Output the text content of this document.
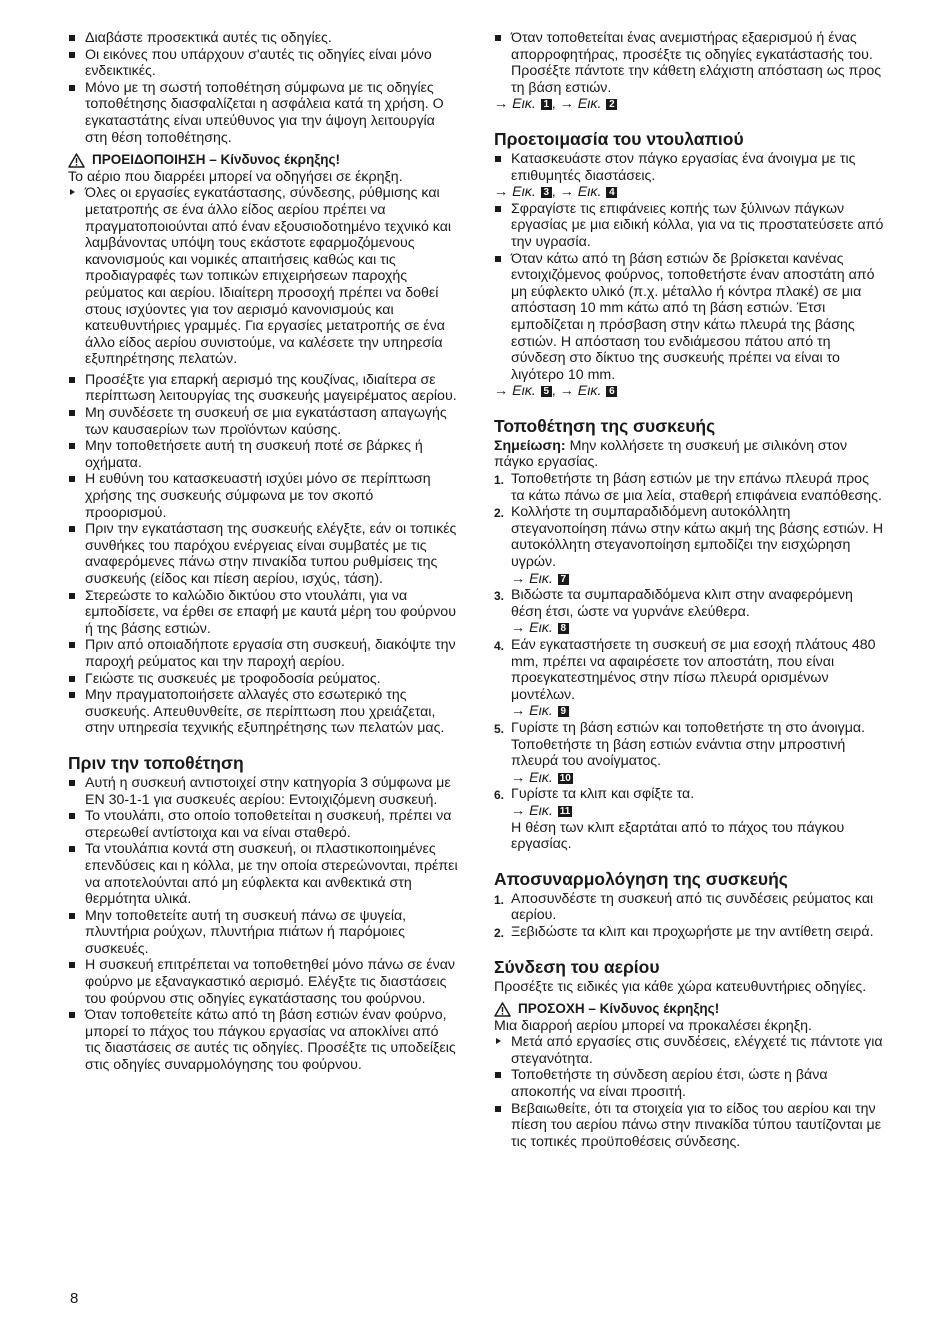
Διαβάστε προσεκτικά αυτές τις οδηγίες.

Οι εικόνες που υπάρχουν σ'αυτές τις οδηγίες είναι μόνο ενδεικτικές.

Μόνο με τη σωστή τοποθέτηση σύμφωνα με τις οδηγίες τοποθέτησης διασφαλίζεται η ασφάλεια κατά τη χρήση. Ο εγκαταστάτης είναι υπεύθυνος για την άψογη λειτουργία στη θέση τοποθέτησης.

ΠΡΟΕΙΔΟΠΟΙΗΣΗ – Κίνδυνος έκρηξης!

Το αέριο που διαρρέει μπορεί να οδηγήσει σε έκρηξη.

Όλες οι εργασίες εγκατάστασης, σύνδεσης, ρύθμισης και μετατροπής σε ένα άλλο είδος αερίου πρέπει να πραγματοποιούνται από έναν εξουσιοδοτημένο τεχνικό και λαμβάνοντας υπόψη τους εκάστοτε εφαρμοζόμενους κανονισμούς και νομικές απαιτήσεις καθώς και τις προδιαγραφές των τοπικών επιχειρήσεων παροχής ρεύματος και αερίου. Ιδιαίτερη προσοχή πρέπει να δοθεί στους ισχύοντες για τον αερισμό κανονισμούς και κατευθυντήριες γραμμές. Για εργασίες μετατροπής σε ένα άλλο είδος αερίου συνιστούμε, να καλέσετε την υπηρεσία εξυπηρέτησης πελατών.

Προσέξτε για επαρκή αερισμό της κουζίνας, ιδιαίτερα σε περίπτωση λειτουργίας της συσκευής μαγειρέματος αερίου.

Μη συνδέσετε τη συσκευή σε μια εγκατάσταση απαγωγής των καυσαερίων των προϊόντων καύσης.

Μην τοποθετήσετε αυτή τη συσκευή ποτέ σε βάρκες ή οχήματα.

Η ευθύνη του κατασκευαστή ισχύει μόνο σε περίπτωση χρήσης της συσκευής σύμφωνα με τον σκοπό προορισμού.

Πριν την εγκατάσταση της συσκευής ελέγξτε, εάν οι τοπικές συνθήκες του παρόχου ενέργειας είναι συμβατές με τις αναφερόμενες πάνω στην πινακίδα τυπου ρυθμίσεις της συσκευής (είδος και πίεση αερίου, ισχύς, τάση).

Στερεώστε το καλώδιο δικτύου στο ντουλάπι, για να εμποδίσετε, να έρθει σε επαφή με καυτά μέρη του φούρνου ή της βάσης εστιών.

Πριν από οποιαδήποτε εργασία στη συσκευή, διακόψτε την παροχή ρεύματος και την παροχή αερίου.

Γειώστε τις συσκευές με τροφοδοσία ρεύματος.

Μην πραγματοποιήσετε αλλαγές στο εσωτερικό της συσκευής. Απευθυνθείτε, σε περίπτωση που χρειάζεται, στην υπηρεσία τεχνικής εξυπηρέτησης των πελατών μας.

Πριν την τοποθέτηση

Αυτή η συσκευή αντιστοιχεί στην κατηγορία 3 σύμφωνα με EN 30-1-1 για συσκευές αερίου: Εντοιχιζόμενη συσκευή.

Το ντουλάπι, στο οποίο τοποθετείται η συσκευή, πρέπει να στερεωθεί αντίστοιχα και να είναι σταθερό.

Τα ντουλάπια κοντά στη συσκευή, οι πλαστικοποιημένες επενδύσεις και η κόλλα, με την οποία στερεώνονται, πρέπει να αποτελούνται από μη εύφλεκτα και ανθεκτικά στη θερμότητα υλικά.

Μην τοποθετείτε αυτή τη συσκευή πάνω σε ψυγεία, πλυντήρια ρούχων, πλυντήρια πιάτων ή παρόμοιες συσκευές.

Η συσκευή επιτρέπεται να τοποθετηθεί μόνο πάνω σε έναν φούρνο με εξαναγκαστικό αερισμό. Ελέγξτε τις διαστάσεις του φούρνου στις οδηγίες εγκατάστασης του φούρνου.

Όταν τοποθετείτε κάτω από τη βάση εστιών έναν φούρνο, μπορεί το πάχος του πάγκου εργασίας να αποκλίνει από τις διαστάσεις σε αυτές τις οδηγίες. Προσέξτε τις υποδείξεις στις οδηγίες συναρμολόγησης του φούρνου.

Όταν τοποθετείται ένας ανεμιστήρας εξαερισμού ή ένας απορροφητήρας, προσέξτε τις οδηγίες εγκατάστασής του. Προσέξτε πάντοτε την κάθετη ελάχιστη απόσταση ως προς τη βάση εστιών.

→ Εικ. 1 , → Εικ. 2

Προετοιμασία του ντουλαπιού

Κατασκευάστε στον πάγκο εργασίας ένα άνοιγμα με τις επιθυμητές διαστάσεις.

→ Εικ. 3 , → Εικ. 4

Σφραγίστε τις επιφάνειες κοπής των ξύλινων πάγκων εργασίας με μια ειδική κόλλα, για να τις προστατεύσετε από την υγρασία.

Όταν κάτω από τη βάση εστιών δε βρίσκεται κανένας εντοιχιζόμενος φούρνος, τοποθετήστε έναν αποστάτη από μη εύφλεκτο υλικό (π.χ. μέταλλο ή κόντρα πλακέ) σε μια απόσταση 10 mm κάτω από τη βάση εστιών. Έτσι εμποδίζεται η πρόσβαση στην κάτω πλευρά της βάσης εστιών. Η απόσταση του ενδιάμεσου πάτου από τη σύνδεση στο δίκτυο της συσκευής πρέπει να είναι το λιγότερο 10 mm.

→ Εικ. 5 , → Εικ. 6

Τοποθέτηση της συσκευής

Σημείωση: Μην κολλήσετε τη συσκευή με σιλικόνη στον πάγκο εργασίας.

1. Τοποθετήστε τη βάση εστιών με την επάνω πλευρά προς τα κάτω πάνω σε μια λεία, σταθερή επιφάνεια εναπόθεσης.

2. Κολλήστε τη συμπαραδιδόμενη αυτοκόλλητη στεγανοποίηση πάνω στην κάτω ακμή της βάσης εστιών. Η αυτοκόλλητη στεγανοποίηση εμποδίζει την εισχώρηση υγρών.

→ Εικ. 7

3. Βιδώστε τα συμπαραδιδόμενα κλιπ στην αναφερόμενη θέση έτσι, ώστε να γυρνάνε ελεύθερα.

→ Εικ. 8

4. Εάν εγκαταστήσετε τη συσκευή σε μια εσοχή πλάτους 480 mm, πρέπει να αφαιρέσετε τον αποστάτη, που είναι προεγκατεστημένος στην πίσω πλευρά ορισμένων μοντέλων.

→ Εικ. 9

5. Γυρίστε τη βάση εστιών και τοποθετήστε τη στο άνοιγμα. Τοποθετήστε τη βάση εστιών ενάντια στην μπροστινή πλευρά του ανοίγματος.

→ Εικ. 10

6. Γυρίστε τα κλιπ και σφίξτε τα.

→ Εικ. 11

Η θέση των κλιπ εξαρτάται από το πάχος του πάγκου εργασίας.

Αποσυναρμολόγηση της συσκευής

1. Αποσυνδέστε τη συσκευή από τις συνδέσεις ρεύματος και αερίου.

2. Ξεβιδώστε τα κλιπ και προχωρήστε με την αντίθετη σειρά.

Σύνδεση του αερίου

Προσέξτε τις ειδικές για κάθε χώρα κατευθυντήριες οδηγίες.

ΠΡΟΣΟΧΗ – Κίνδυνος έκρηξης!

Μια διαρροή αερίου μπορεί να προκαλέσει έκρηξη.

Μετά από εργασίες στις συνδέσεις, ελέγχετέ τις πάντοτε για στεγανότητα.

Τοποθετήστε τη σύνδεση αερίου έτσι, ώστε η βάνα αποκοπής να είναι προσιτή.

Βεβαιωθείτε, ότι τα στοιχεία για το είδος του αερίου και την πίεση του αερίου πάνω στην πινακίδα τύπου ταυτίζονται με τις τοπικές προϋποθέσεις σύνδεσης.

8
